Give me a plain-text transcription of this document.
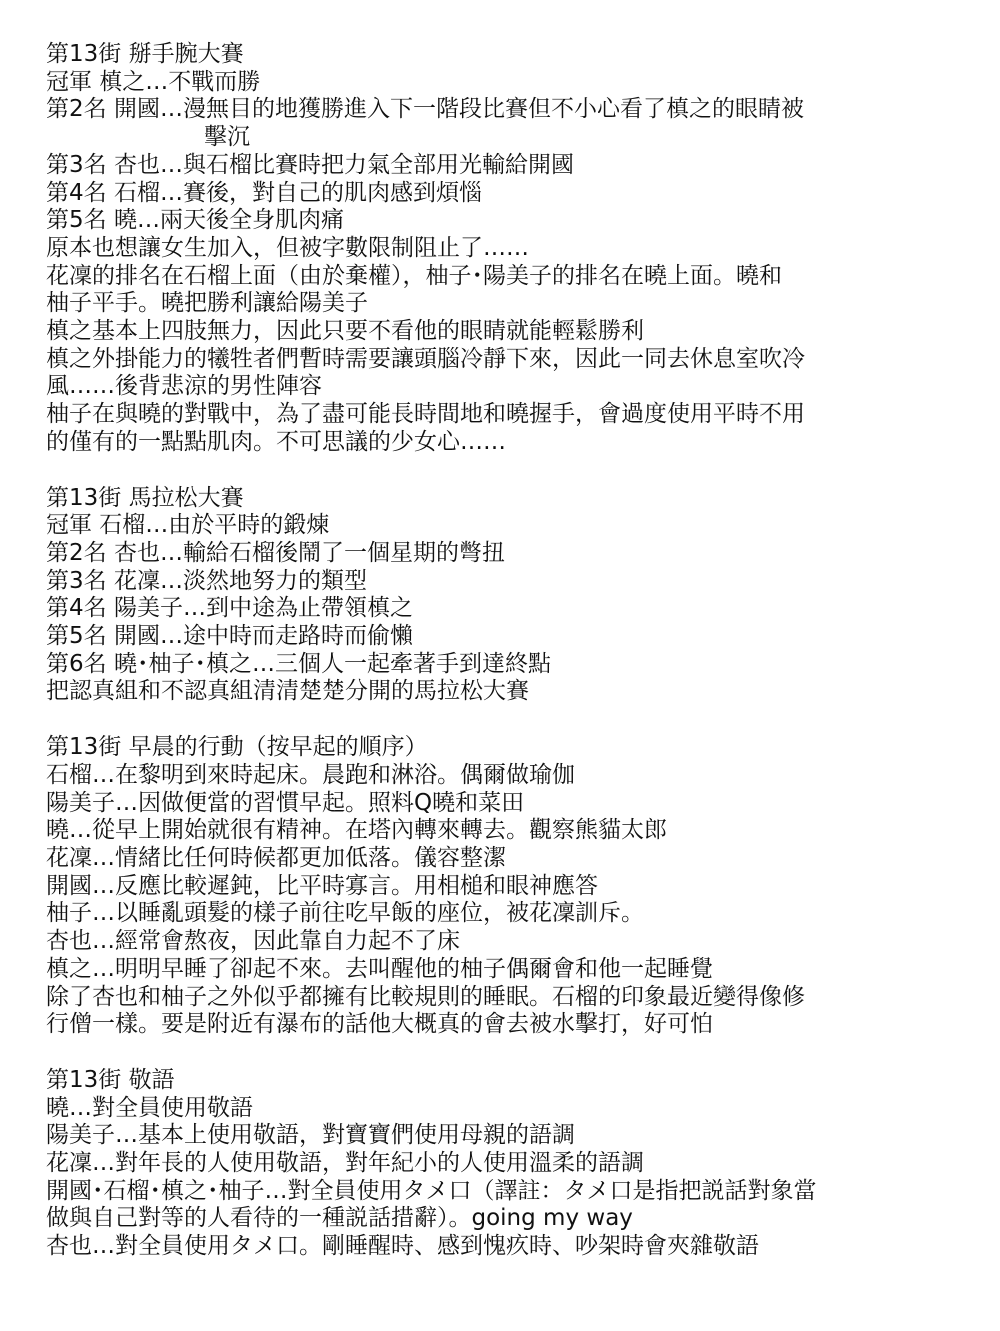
第13街 掰手腕大賽
冠軍 槙之…不戰而勝
第2名 開國…漫無目的地獲勝進入下一階段比賽但不小心看了槙之的眼睛被
擊沉
第3名 杏也…與石榴比賽時把力氣全部用光輸給開國
第4名 石榴…賽後，對自己的肌肉感到煩惱
第5名 曉…兩天後全身肌肉痛
原本也想讓女生加入，但被字數限制阻止了……
花凜的排名在石榴上面（由於棄權），柚子･陽美子的排名在曉上面。曉和
柚子平手。曉把勝利讓給陽美子
槙之基本上四肢無力，因此只要不看他的眼睛就能輕鬆勝利
槙之外掛能力的犧牲者們暫時需要讓頭腦冷靜下來，因此一同去休息室吹冷
風……後背悲涼的男性陣容
柚子在與曉的對戰中，為了盡可能長時間地和曉握手，會過度使用平時不用
的僅有的一點點肌肉。不可思議的少女心……
第13街 馬拉松大賽
冠軍 石榴…由於平時的鍛煉
第2名 杏也…輸給石榴後鬧了一個星期的彆扭
第3名 花凜…淡然地努力的類型
第4名 陽美子…到中途為止帶領槙之
第5名 開國…途中時而走路時而偷懶
第6名 曉･柚子･槙之…三個人一起牽著手到達終點
把認真組和不認真組清清楚楚分開的馬拉松大賽
第13街 早晨的行動（按早起的順序）
石榴…在黎明到來時起床。晨跑和淋浴。偶爾做瑜伽
陽美子…因做便當的習慣早起。照料Q曉和菜田
曉…從早上開始就很有精神。在塔內轉來轉去。觀察熊貓太郎
花凜…情緒比任何時候都更加低落。儀容整潔
開國…反應比較遲鈍，比平時寡言。用相槌和眼神應答
柚子…以睡亂頭髮的樣子前往吃早飯的座位，被花凜訓斥。
杏也…經常會熬夜，因此靠自力起不了床
槙之…明明早睡了卻起不來。去叫醒他的柚子偶爾會和他一起睡覺
除了杏也和柚子之外似乎都擁有比較規則的睡眠。石榴的印象最近變得像修
行僧一樣。要是附近有瀑布的話他大概真的會去被水擊打，好可怕
第13街 敬語
曉…對全員使用敬語
陽美子…基本上使用敬語，對寶寶們使用母親的語調
花凜…對年長的人使用敬語，對年紀小的人使用溫柔的語調
開國･石榴･槙之･柚子…對全員使用タメ口（譯註：タメ口是指把説話對象當
做與自己對等的人看待的一種説話措辭）。going my way
杏也…對全員使用タメ口。剛睡醒時、感到愧疚時、吵架時會夾雜敬語
